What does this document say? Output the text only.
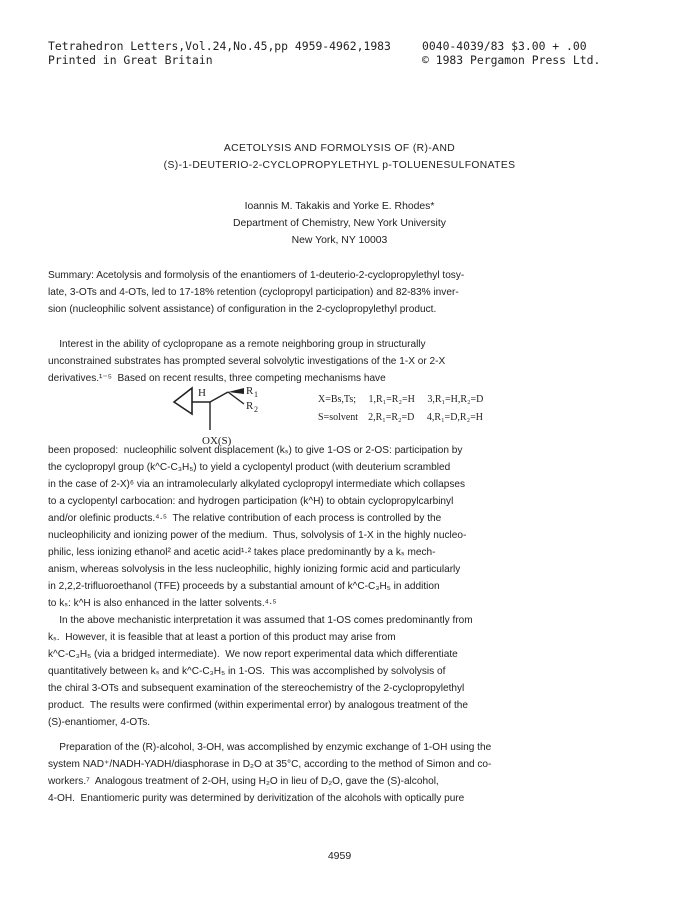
Tetrahedron Letters,Vol.24,No.45,pp 4959-4962,1983	0040-4039/83 $3.00 + .00
Printed in Great Britain	© 1983 Pergamon Press Ltd.
ACETOLYSIS AND FORMOLYSIS OF (R)-AND
(S)-1-DEUTERIO-2-CYCLOPROPYLETHYL p-TOLUENESULFONATES
Ioannis M. Takakis and Yorke E. Rhodes*
Department of Chemistry, New York University
New York, NY 10003
Summary: Acetolysis and formolysis of the enantiomers of 1-deuterio-2-cyclopropylethyl tosy-
late, 3-OTs and 4-OTs, led to 17-18% retention (cyclopropyl participation) and 82-83% inver-
sion (nucleophilic solvent assistance) of configuration in the 2-cyclopropylethyl product.
Interest in the ability of cyclopropane as a remote neighboring group in structurally
unconstrained substrates has prompted several solvolytic investigations of the 1-X or 2-X
derivatives.¹⁻⁵  Based on recent results, three competing mechanisms have
H	R 1
R 2
OX(S)
X=Bs,Ts;     1,R₁=R₂=H     3,R₁=H,R₂=D
S=solvent    2,R₁=R₂=D     4,R₁=D,R₂=H
been proposed:  nucleophilic solvent displacement (kₛ) to give 1-OS or 2-OS: participation by
the cyclopropyl group (k^C-C₃H₅) to yield a cyclopentyl product (with deuterium scrambled
in the case of 2-X)⁶ via an intramolecularly alkylated cyclopropyl intermediate which collapses
to a cyclopentyl carbocation: and hydrogen participation (k^H) to obtain cyclopropylcarbinyl
and/or olefinic products.⁴·⁵  The relative contribution of each process is controlled by the
nucleophilicity and ionizing power of the medium.  Thus, solvolysis of 1-X in the highly nucleo-
philic, less ionizing ethanol² and acetic acid¹·² takes place predominantly by a kₛ mech-
anism, whereas solvolysis in the less nucleophilic, highly ionizing formic acid and particularly
in 2,2,2-trifluoroethanol (TFE) proceeds by a substantial amount of k^C-C₃H₅ in addition
to kₛ: k^H is also enhanced in the latter solvents.⁴·⁵
In the above mechanistic interpretation it was assumed that 1-OS comes predominantly from
kₛ.  However, it is feasible that at least a portion of this product may arise from
k^C-C₃H₅ (via a bridged intermediate).  We now report experimental data which differentiate
quantitatively between kₛ and k^C-C₃H₅ in 1-OS.  This was accomplished by solvolysis of
the chiral 3-OTs and subsequent examination of the stereochemistry of the 2-cyclopropylethyl
product.  The results were confirmed (within experimental error) by analogous treatment of the
(S)-enantiomer, 4-OTs.
Preparation of the (R)-alcohol, 3-OH, was accomplished by enzymic exchange of 1-OH using the
system NAD⁺/NADH-YADH/diasphorase in D₂O at 35°C, according to the method of Simon and co-
workers.⁷  Analogous treatment of 2-OH, using H₂O in lieu of D₂O, gave the (S)-alcohol,
4-OH.  Enantiomeric purity was determined by derivitization of the alcohols with optically pure
4959
